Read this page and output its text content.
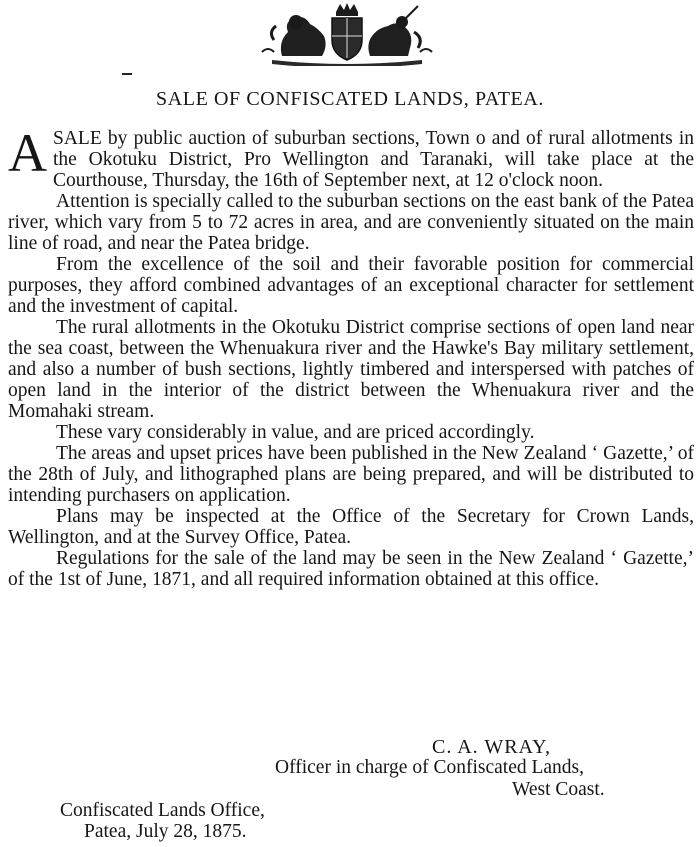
SALE OF CONFISCATED LANDS, PATEA.

A SALE by public auction of suburban sections, Town o and of rural allotments in the Okotuku District, Pro Wellington and Taranaki, will take place at the Courthouse, Thursday, the 16th of September next, at 12 o'clock noon.

Attention is specially called to the suburban sections on the east bank of the Patea river, which vary from 5 to 72 acres in area, and are conveniently situated on the main line of road, and near the Patea bridge.

From the excellence of the soil and their favorable position for commercial purposes, they afford combined advantages of an exceptional character for settlement and the investment of capital.

The rural allotments in the Okotuku District comprise sections of open land near the sea coast, between the Whenuakura river and the Hawke's Bay military settlement, and also a number of bush sections, lightly timbered and interspersed with patches of open land in the interior of the district between the Whenuakura river and the Momahaki stream.

These vary considerably in value, and are priced accordingly.

The areas and upset prices have been published in the New Zealand ‘ Gazette,’ of the 28th of July, and lithographed plans are being prepared, and will be distributed to intending purchasers on application.

Plans may be inspected at the Office of the Secretary for Crown Lands, Wellington, and at the Survey Office, Patea.

Regulations for the sale of the land may be seen in the New Zealand ‘ Gazette,’ of the 1st of June, 1871, and all required information obtained at this office.

C. A. WRAY,
Officer in charge of Confiscated Lands,
West Coast.
Confiscated Lands Office,
Patea, July 28, 1875.
